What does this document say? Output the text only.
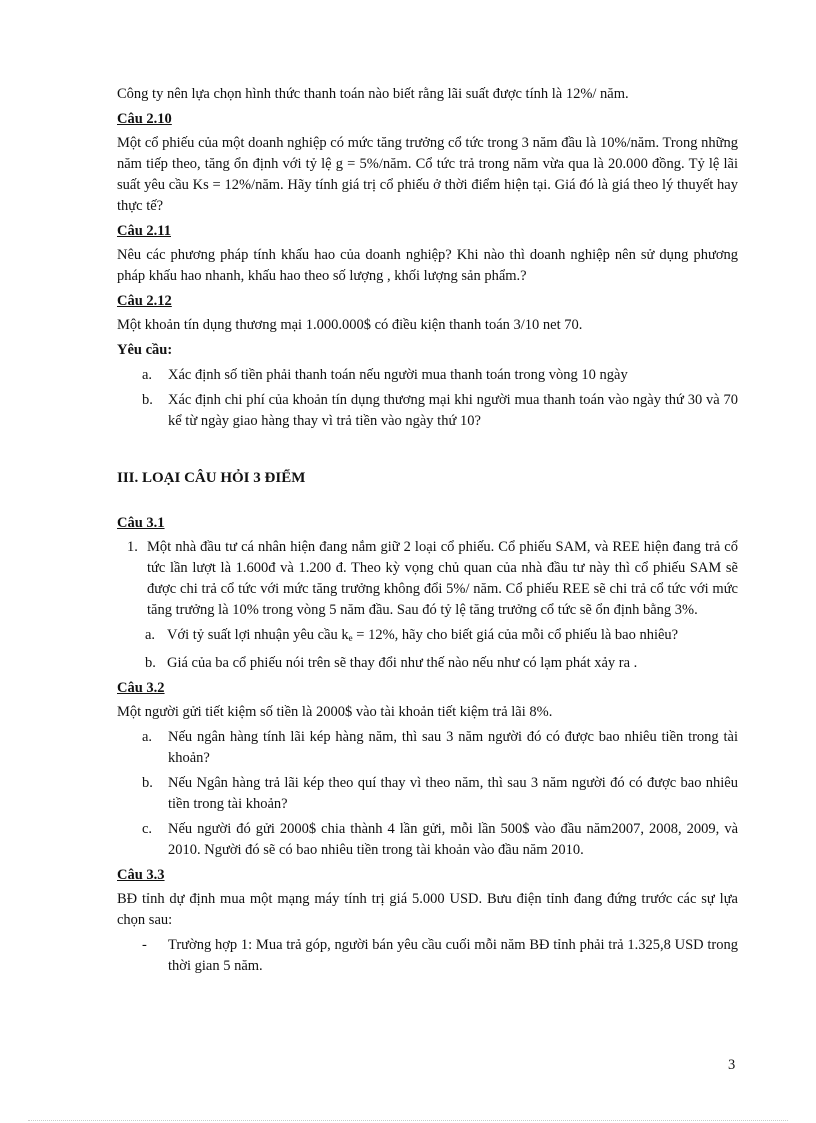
Công ty nên lựa chọn hình thức thanh toán nào biết rằng lãi suất được tính là 12%/ năm.

Câu 2.10

Một cổ phiếu của một doanh nghiệp có mức tăng trưởng cổ tức trong 3 năm đầu là 10%/năm. Trong những năm tiếp theo, tăng ổn định với tỷ lệ g = 5%/năm. Cổ tức trả trong năm vừa qua là 20.000 đồng. Tỷ lệ lãi suất yêu cầu Ks = 12%/năm. Hãy tính giá trị cổ phiếu ở thời điểm hiện tại. Giá đó là giá theo lý thuyết hay thực tế?

Câu 2.11

Nêu các phương pháp tính khấu hao của doanh nghiệp? Khi nào thì doanh nghiệp nên sử dụng phương pháp khấu hao nhanh, khấu hao theo số lượng , khối lượng sản phẩm.?

Câu 2.12

Một khoản tín dụng thương mại 1.000.000$ có điều kiện thanh toán 3/10 net 70.

Yêu cầu:

a.	Xác định số tiền phải thanh toán nếu người mua thanh toán trong vòng 10 ngày
b.	Xác định chi phí của khoản tín dụng thương mại khi người mua thanh toán vào ngày thứ 30 và 70 kể từ ngày giao hàng thay vì trả tiền vào ngày thứ 10?

III. LOẠI CÂU HỎI 3 ĐIỂM

Câu 3.1

1. Một nhà đầu tư cá nhân hiện đang nắm giữ 2 loại cổ phiếu. Cổ phiếu SAM, và REE hiện đang trả cổ tức lần lượt là 1.600đ và 1.200 đ. Theo kỳ vọng chủ quan của nhà đầu tư này thì cổ phiếu SAM sẽ được chi trả cổ tức với mức tăng trưởng không đổi 5%/ năm. Cổ phiếu REE sẽ chi trả cổ tức với mức tăng trưởng là 10% trong vòng 5 năm đầu. Sau đó tỷ lệ tăng trưởng cổ tức sẽ ổn định bằng 3%.
a. Với tỷ suất lợi nhuận yêu cầu $k_e = 12\%$, hãy cho biết giá của mỗi cổ phiếu là bao nhiêu?
b. Giá của ba cổ phiếu nói trên sẽ thay đổi như thế nào nếu như có lạm phát xảy ra .

Câu 3.2

Một người gửi tiết kiệm số tiền là 2000$ vào tài khoản tiết kiệm trả lãi 8%.

a.	Nếu ngân hàng tính lãi kép hàng năm, thì sau 3 năm người đó có được bao nhiêu tiền trong tài khoản?
b.	Nếu Ngân hàng trả lãi kép theo quí thay vì theo năm, thì sau 3 năm người đó có được bao nhiêu tiền trong tài khoản?
c.	Nếu người đó gửi 2000$ chia thành 4 lần gửi, mỗi lần 500$ vào đầu năm2007, 2008, 2009, và 2010. Người đó sẽ có bao nhiêu tiền trong tài khoản vào đầu năm 2010.

Câu 3.3

BĐ tỉnh dự định mua một mạng máy tính trị giá 5.000 USD. Bưu điện tỉnh đang đứng trước các sự lựa chọn sau:

-	Trường hợp 1: Mua trả góp, người bán yêu cầu cuối mỗi năm BĐ tỉnh phải trả 1.325,8 USD trong thời gian 5 năm.
3
